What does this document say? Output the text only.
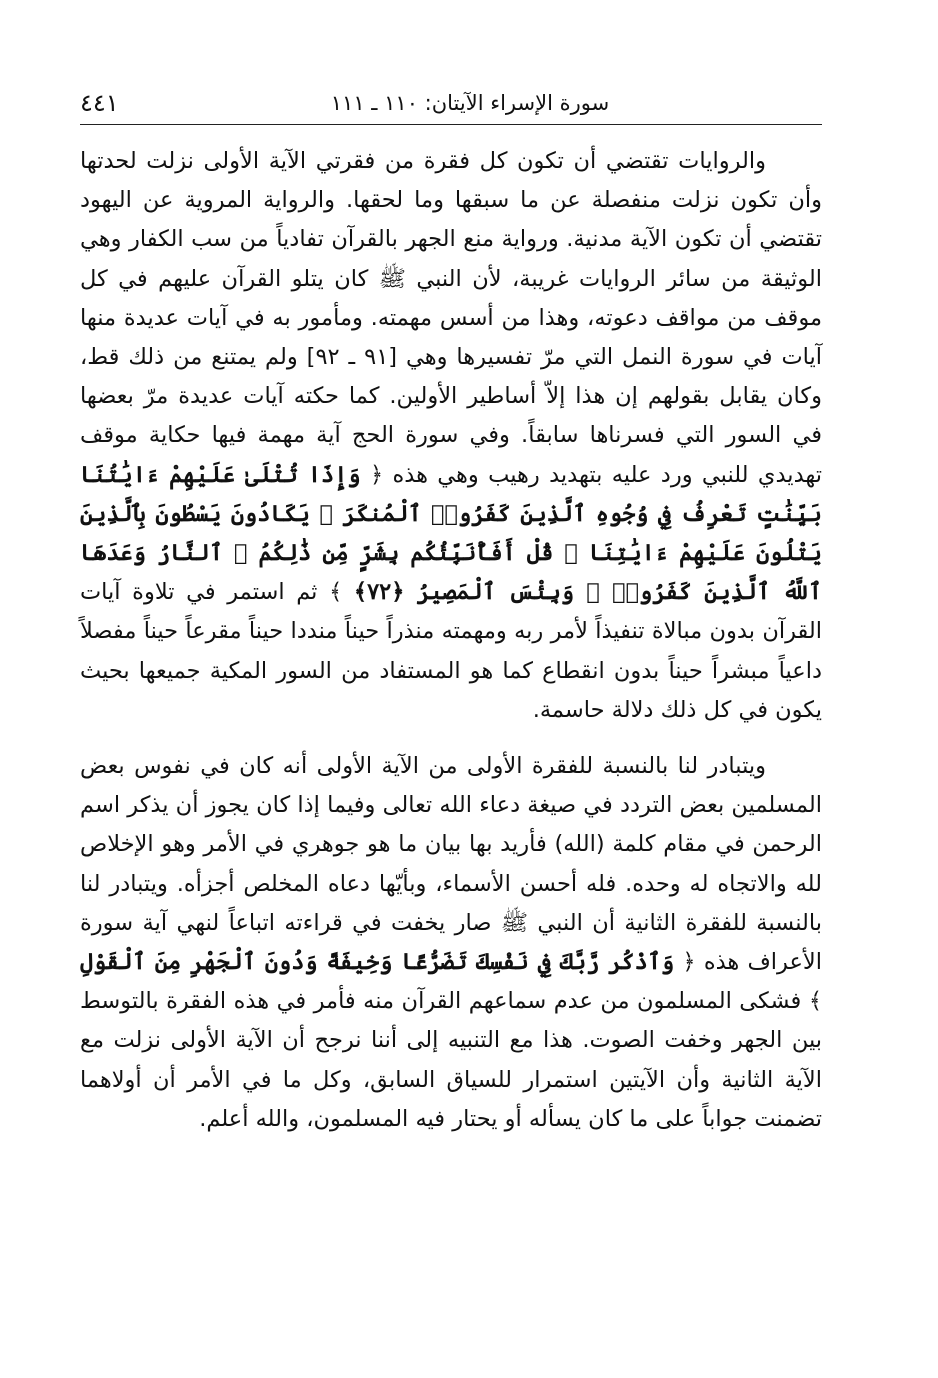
٤٤١	سورة الإسراء الآيتان: ١١٠ ـ ١١١

والروايات تقتضي أن تكون كل فقرة من فقرتي الآية الأولى نزلت لحدتها وأن تكون نزلت منفصلة عن ما سبقها وما لحقها. والرواية المروية عن اليهود تقتضي أن تكون الآية مدنية. ورواية منع الجهر بالقرآن تفادياً من سب الكفار وهي الوثيقة من سائر الروايات غريبة، لأن النبي ﷺ كان يتلو القرآن عليهم في كل موقف من مواقف دعوته، وهذا من أسس مهمته. ومأمور به في آيات عديدة منها آيات في سورة النمل التي مرّ تفسيرها وهي [٩١ ـ ٩٢] ولم يمتنع من ذلك قط، وكان يقابل بقولهم إن هذا إلاّ أساطير الأولين. كما حكته آيات عديدة مرّ بعضها في السور التي فسرناها سابقاً. وفي سورة الحج آية مهمة فيها حكاية موقف تهديدي للنبي ورد عليه بتهديد رهيب وهي هذه ﴿ وَإِذَا تُتْلَىٰ عَلَيْهِمْ ءَايَٰتُنَا بَيِّنَٰتٍ تَعْرِفُ فِي وُجُوهِ ٱلَّذِينَ كَفَرُوا۟ ٱلْمُنكَرَ ۖ يَكَادُونَ يَسْطُونَ بِٱلَّذِينَ يَتْلُونَ عَلَيْهِمْ ءَايَٰتِنَا ۗ قُلْ أَفَأُنَبِّئُكُم بِشَرٍّ مِّن ذَٰلِكُمُ ۗ ٱلنَّارُ وَعَدَهَا ٱللَّهُ ٱلَّذِينَ كَفَرُوا۟ ۖ وَبِئْسَ ٱلْمَصِيرُ ﴿٧٢﴾ ﴾ ثم استمر في تلاوة آيات القرآن بدون مبالاة تنفيذاً لأمر ربه ومهمته منذراً حيناً منددا حيناً مقرعاً حيناً مفصلاً داعياً مبشراً حيناً بدون انقطاع كما هو المستفاد من السور المكية جميعها بحيث يكون في كل ذلك دلالة حاسمة.

ويتبادر لنا بالنسبة للفقرة الأولى من الآية الأولى أنه كان في نفوس بعض المسلمين بعض التردد في صيغة دعاء الله تعالى وفيما إذا كان يجوز أن يذكر اسم الرحمن في مقام كلمة (الله) فأريد بها بيان ما هو جوهري في الأمر وهو الإخلاص لله والاتجاه له وحده. فله أحسن الأسماء، وبأيّها دعاه المخلص أجزأه. ويتبادر لنا بالنسبة للفقرة الثانية أن النبي ﷺ صار يخفت في قراءته اتباعاً لنهي آية سورة الأعراف هذه ﴿ وَٱذْكُر رَّبَّكَ فِي نَفْسِكَ تَضَرُّعًا وَخِيفَةً وَدُونَ ٱلْجَهْرِ مِنَ ٱلْقَوْلِ ﴾ فشكى المسلمون من عدم سماعهم القرآن منه فأمر في هذه الفقرة بالتوسط بين الجهر وخفت الصوت. هذا مع التنبيه إلى أننا نرجح أن الآية الأولى نزلت مع الآية الثانية وأن الآيتين استمرار للسياق السابق، وكل ما في الأمر أن أولاهما تضمنت جواباً على ما كان يسأله أو يحتار فيه المسلمون، والله أعلم.
